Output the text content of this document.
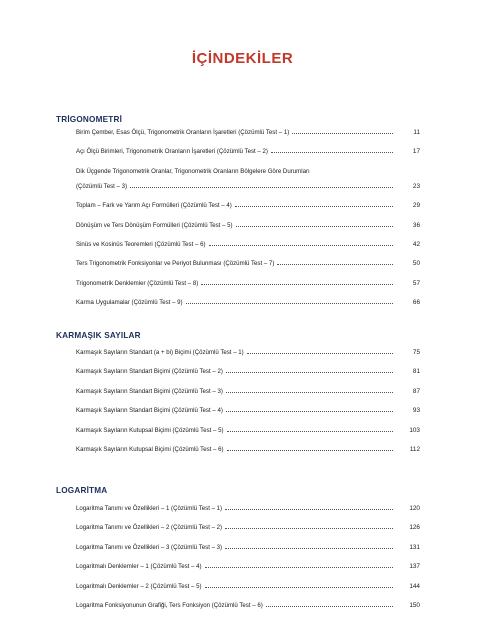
İÇİNDEKİLER
TRİGONOMETRİ
Birim Çember, Esas Ölçü, Trigonometrik Oranların İşaretleri (Çözümlü Test – 1)	11
Açı Ölçü Birimleri, Trigonometrik Oranların İşaretleri (Çözümlü Test – 2)	17
Dik Üçgende Trigonometrik Oranlar, Trigonometrik Oranların Bölgelere Göre Durumları
(Çözümlü Test – 3)	23
Toplam – Fark ve Yarım Açı Formülleri (Çözümlü Test – 4)	29
Dönüşüm ve Ters Dönüşüm Formülleri (Çözümlü Test – 5)	36
Sinüs ve Kosinüs Teoremleri (Çözümlü Test – 6)	42
Ters Trigonometrik Fonksiyonlar ve Periyot Bulunması (Çözümlü Test – 7)	50
Trigonometrik Denklemler (Çözümlü Test – 8)	57
Karma Uygulamalar (Çözümlü Test – 9)	66
KARMAŞIK SAYILAR
Karmaşık Sayıların Standart (a + bi) Biçimi (Çözümlü Test – 1)	75
Karmaşık Sayıların Standart Biçimi (Çözümlü Test – 2)	81
Karmaşık Sayıların Standart Biçimi (Çözümlü Test – 3)	87
Karmaşık Sayıların Standart Biçimi (Çözümlü Test – 4)	93
Karmaşık Sayıların Kutupsal Biçimi (Çözümlü Test – 5)	103
Karmaşık Sayıların Kutupsal Biçimi (Çözümlü Test – 6)	112
LOGARİTMA
Logaritma Tanımı ve Özellikleri – 1 (Çözümlü Test – 1)	120
Logaritma Tanımı ve Özellikleri – 2 (Çözümlü Test – 2)	126
Logaritma Tanımı ve Özellikleri – 3 (Çözümlü Test – 3)	131
Logaritmalı Denklemler – 1 (Çözümlü Test – 4)	137
Logaritmalı Denklemler – 2 (Çözümlü Test – 5)	144
Logaritma Fonksiyonunun Grafiği, Ters Fonksiyon (Çözümlü Test – 6)	150
